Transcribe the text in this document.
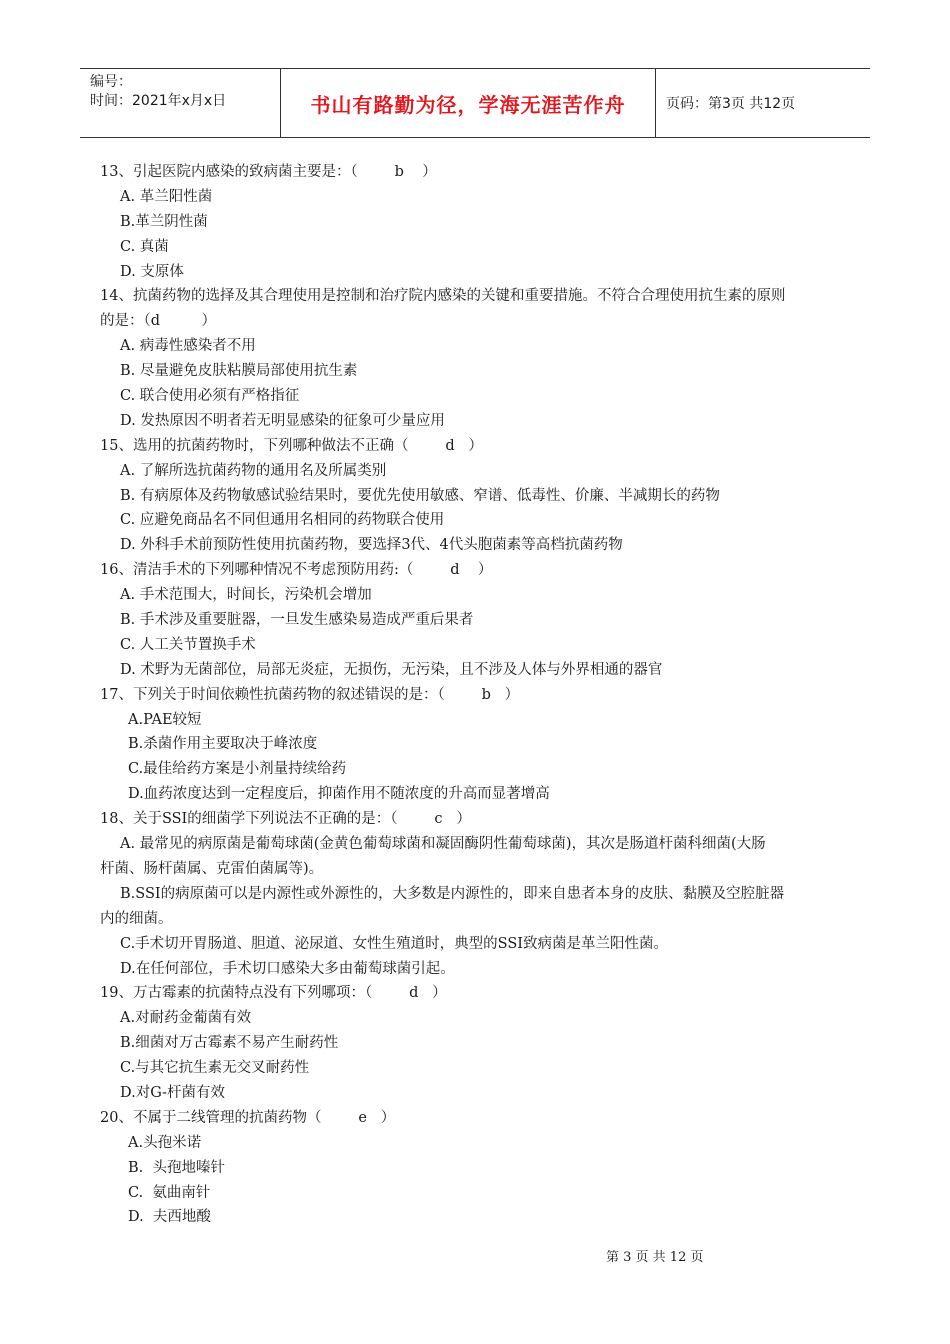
编号：
时间：2021年x月x日	书山有路勤为径，学海无涯苦作舟	页码：第3页 共12页
13、引起医院内感染的致病菌主要是：（        b    ）
A. 革兰阳性菌
B.革兰阴性菌
C. 真菌
D. 支原体
14、抗菌药物的选择及其合理使用是控制和治疗院内感染的关键和重要措施。不符合合理使用抗生素的原则
的是：（d         ）
A. 病毒性感染者不用
B. 尽量避免皮肤粘膜局部使用抗生素
C. 联合使用必须有严格指征
D. 发热原因不明者若无明显感染的征象可少量应用
15、选用的抗菌药物时，下列哪种做法不正确（        d   ）
A. 了解所选抗菌药物的通用名及所属类别
B. 有病原体及药物敏感试验结果时，要优先使用敏感、窄谱、低毒性、价廉、半减期长的药物
C. 应避免商品名不同但通用名相同的药物联合使用
D. 外科手术前预防性使用抗菌药物，要选择3代、4代头胞菌素等高档抗菌药物
16、清洁手术的下列哪种情况不考虑预防用药:（        d    ）
A. 手术范围大，时间长，污染机会增加
B. 手术涉及重要脏器，一旦发生感染易造成严重后果者
C. 人工关节置换手术
D. 术野为无菌部位，局部无炎症，无损伤，无污染，且不涉及人体与外界相通的器官
17、下列关于时间依赖性抗菌药物的叙述错误的是：（        b   ）
A.PAE较短
B.杀菌作用主要取决于峰浓度
C.最佳给药方案是小剂量持续给药
D.血药浓度达到一定程度后，抑菌作用不随浓度的升高而显著增高
18、关于SSI的细菌学下列说法不正确的是：（        c   ）
A. 最常见的病原菌是葡萄球菌(金黄色葡萄球菌和凝固酶阴性葡萄球菌)，其次是肠道杆菌科细菌(大肠
杆菌、肠杆菌属、克雷伯菌属等)。
B.SSI的病原菌可以是内源性或外源性的，大多数是内源性的，即来自患者本身的皮肤、黏膜及空腔脏器
内的细菌。
C.手术切开胃肠道、胆道、泌尿道、女性生殖道时，典型的SSI致病菌是革兰阳性菌。
D.在任何部位，手术切口感染大多由葡萄球菌引起。
19、万古霉素的抗菌特点没有下列哪项：（        d   ）
A.对耐药金葡菌有效
B.细菌对万古霉素不易产生耐药性
C.与其它抗生素无交叉耐药性
D.对G-杆菌有效
20、不属于二线管理的抗菌药物（        e   ）
A.头孢米诺
B.  头孢地嗪针
C.  氨曲南针
D.  夫西地酸
第 3 页 共 12 页
